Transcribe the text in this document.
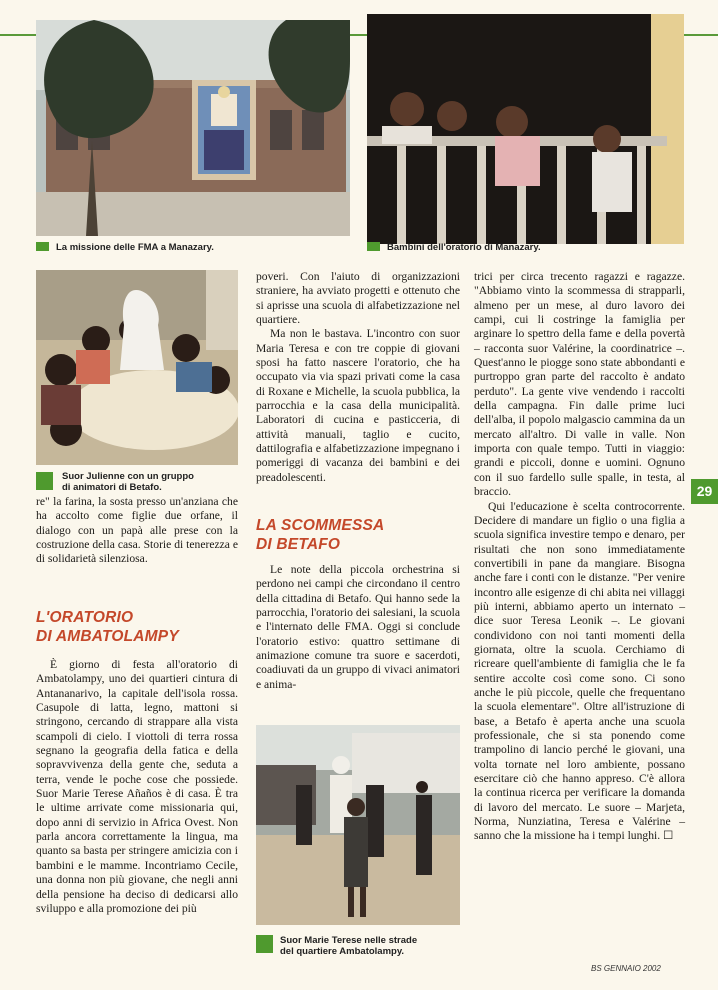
La missione delle FMA a Manazary.	Bambini dell'oratorio di Manazary.
Suor Julienne con un gruppo
di animatori di Betafo.
Suor Marie Terese nelle strade
del quartiere Ambatolampy.

re" la farina, la sosta presso un'anziana che ha accolto come figlie due orfane, il dialogo con un papà alle prese con la costruzione della casa. Storie di tenerezza e di solidarietà silenziosa.

L'ORATORIO
DI AMBATOLAMPY

È giorno di festa all'oratorio di Ambatolampy, uno dei quartieri cintura di Antananarivo, la capitale dell'isola rossa. Casupole di latta, legno, mattoni si stringono, cercando di strappare alla vista scampoli di cielo. I viottoli di terra rossa segnano la geografia della fatica e della sopravvivenza della gente che, seduta a terra, vende le poche cose che possiede. Suor Marie Terese Añaños è di casa. È tra le ultime arrivate come missionaria qui, dopo anni di servizio in Africa Ovest. Non parla ancora correttamente la lingua, ma quanto sa basta per stringere amicizia con i bambini e le mamme. Incontriamo Cecile, una donna non più giovane, che negli anni della pensione ha deciso di dedicarsi allo sviluppo e alla promozione dei più

poveri. Con l'aiuto di organizzazioni straniere, ha avviato progetti e ottenuto che si aprisse una scuola di alfabetizzazione nel quartiere.

Ma non le bastava. L'incontro con suor Maria Teresa e con tre coppie di giovani sposi ha fatto nascere l'oratorio, che ha occupato via via spazi privati come la casa di Roxane e Michelle, la scuola pubblica, la parrocchia e la casa della municipalità. Laboratori di cucina e pasticceria, di attività manuali, taglio e cucito, dattilografia e alfabetizzazione impegnano i pomeriggi di vacanza dei bambini e dei preadolescenti.

LA SCOMMESSA
DI BETAFO

Le note della piccola orchestrina si perdono nei campi che circondano il centro della cittadina di Betafo. Qui hanno sede la parrocchia, l'oratorio dei salesiani, la scuola e l'internato delle FMA. Oggi si conclude l'oratorio estivo: quattro settimane di animazione comune tra suore e sacerdoti, coadiuvati da un gruppo di vivaci animatori e anima-

trici per circa trecento ragazzi e ragazze. "Abbiamo vinto la scommessa di strapparli, almeno per un mese, al duro lavoro dei campi, cui li costringe la famiglia per arginare lo spettro della fame e della povertà – racconta suor Valérine, la coordinatrice –. Quest'anno le piogge sono state abbondanti e purtroppo gran parte del raccolto è andato perduto". La gente vive vendendo i raccolti della campagna. Fin dalle prime luci dell'alba, il popolo malgascio cammina da un mercato all'altro. Di valle in valle. Non importa con quale tempo. Tutti in viaggio: grandi e piccoli, donne e uomini. Ognuno con il suo fardello sulle spalle, in testa, al braccio.

Qui l'educazione è scelta controcorrente. Decidere di mandare un figlio o una figlia a scuola significa investire tempo e denaro, per risultati che non sono immediatamente convertibili in pane da mangiare. Bisogna anche fare i conti con le distanze. "Per venire incontro alle esigenze di chi abita nei villaggi più interni, abbiamo aperto un internato – dice suor Teresa Leonik –. Le giovani condividono con noi tanti momenti della giornata, oltre la scuola. Cerchiamo di ricreare quell'ambiente di famiglia che le fa sentire accolte così come sono. Ci sono anche le più piccole, quelle che frequentano la scuola elementare". Oltre all'istruzione di base, a Betafo è aperta anche una scuola professionale, che si sta ponendo come trampolino di lancio perché le giovani, una volta tornate nel loro ambiente, possano esercitare ciò che hanno appreso. C'è allora la continua ricerca per verificare la domanda di lavoro del mercato. Le suore – Marjeta, Norma, Nunziatina, Teresa e Valérine – sanno che la missione ha i tempi lunghi. ☐

29
BS GENNAIO 2002
